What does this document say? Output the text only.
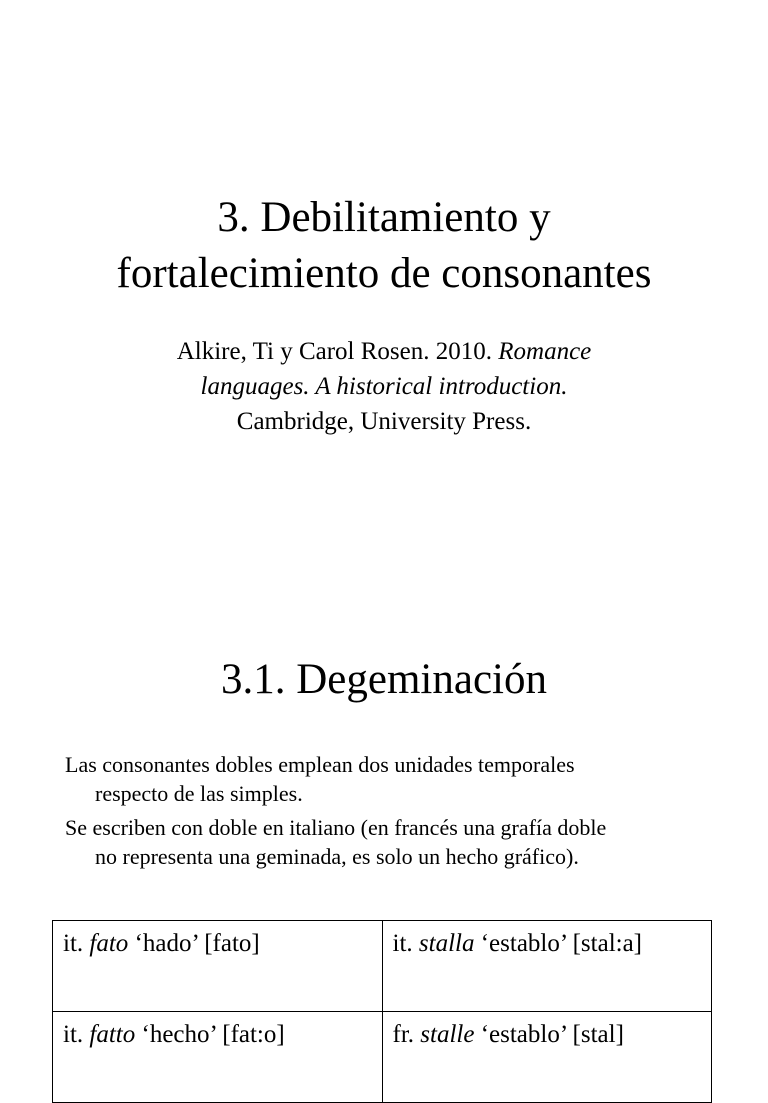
3. Debilitamiento y
fortalecimiento de consonantes
Alkire, Ti y Carol Rosen. 2010. Romance
languages. A historical introduction.
Cambridge, University Press.
3.1. Degeminación
Las consonantes dobles emplean dos unidades temporales
respecto de las simples.
Se escriben con doble en italiano (en francés una grafía doble
no representa una geminada, es solo un hecho gráfico).
it. fato ‘hado’ [fato]	it. stalla ‘establo’ [stal:a]
it. fatto ‘hecho’ [fat:o]	fr. stalle ‘establo’ [stal]
